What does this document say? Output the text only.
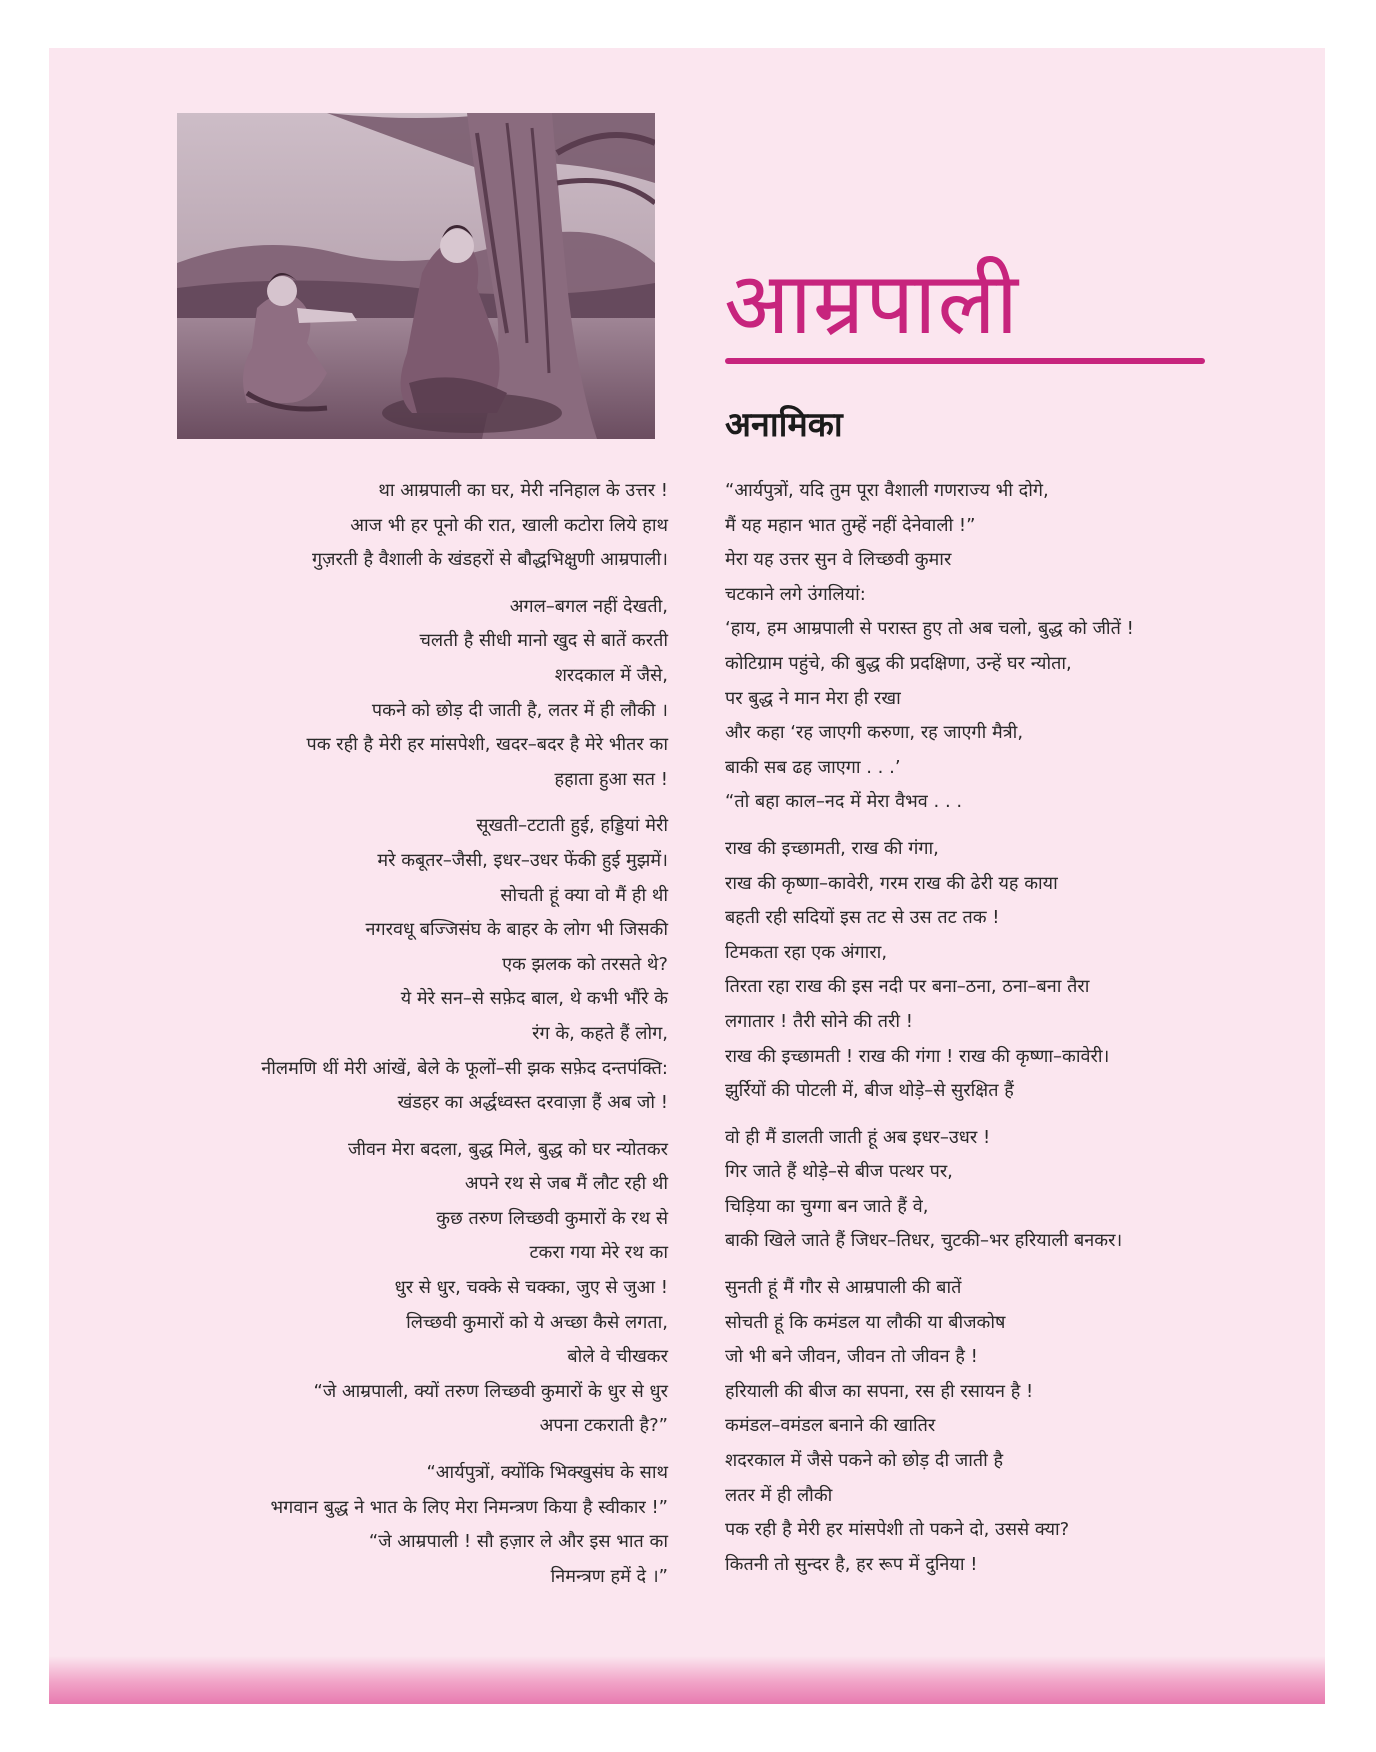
आम्रपाली
अनामिका

था आम्रपाली का घर, मेरी ननिहाल के उत्तर !
आज भी हर पूनो की रात, खाली कटोरा लिये हाथ
गुज़रती है वैशाली के खंडहरों से बौद्धभिक्षुणी आम्रपाली।

अगल–बगल नहीं देखती,
चलती है सीधी मानो खुद से बातें करती
शरदकाल में जैसे,
पकने को छोड़ दी जाती है, लतर में ही लौकी ।
पक रही है मेरी हर मांसपेशी, खदर–बदर है मेरे भीतर का
हहाता हुआ सत !

सूखती–टटाती हुई, हड्डियां मेरी
मरे कबूतर–जैसी, इधर–उधर फेंकी हुई मुझमें।
सोचती हूं क्या वो मैं ही थी
नगरवधू बज्जिसंघ के बाहर के लोग भी जिसकी
एक झलक को तरसते थे?
ये मेरे सन–से सफ़ेद बाल, थे कभी भौंरे के
रंग के, कहते हैं लोग,
नीलमणि थीं मेरी आंखें, बेले के फूलों–सी झक सफ़ेद दन्तपंक्ति:
खंडहर का अर्द्धध्वस्त दरवाज़ा हैं अब जो !

जीवन मेरा बदला, बुद्ध मिले, बुद्ध को घर न्योतकर
अपने रथ से जब मैं लौट रही थी
कुछ तरुण लिच्छवी कुमारों के रथ से
टकरा गया मेरे रथ का
धुर से धुर, चक्के से चक्का, जुए से जुआ !
लिच्छवी कुमारों को ये अच्छा कैसे लगता,
बोले वे चीखकर
“जे आम्रपाली, क्यों तरुण लिच्छवी कुमारों के धुर से धुर
अपना टकराती है?”

“आर्यपुत्रों, क्योंकि भिक्खुसंघ के साथ
भगवान बुद्ध ने भात के लिए मेरा निमन्त्रण किया है स्वीकार !”
“जे आम्रपाली ! सौ हज़ार ले और इस भात का
निमन्त्रण हमें दे ।”

“आर्यपुत्रों, यदि तुम पूरा वैशाली गणराज्य भी दोगे,
मैं यह महान भात तुम्हें नहीं देनेवाली !”
मेरा यह उत्तर सुन वे लिच्छवी कुमार
चटकाने लगे उंगलियां:
‘हाय, हम आम्रपाली से परास्त हुए तो अब चलो, बुद्ध को जीतें !
कोटिग्राम पहुंचे, की बुद्ध की प्रदक्षिणा, उन्हें घर न्योता,
पर बुद्ध ने मान मेरा ही रखा
और कहा ‘रह जाएगी करुणा, रह जाएगी मैत्री,
बाकी सब ढह जाएगा . . .’
“तो बहा काल–नद में मेरा वैभव . . .

राख की इच्छामती, राख की गंगा,
राख की कृष्णा–कावेरी, गरम राख की ढेरी यह काया
बहती रही सदियों इस तट से उस तट तक !
टिमकता रहा एक अंगारा,
तिरता रहा राख की इस नदी पर बना–ठना, ठना–बना तैरा
लगातार ! तैरी सोने की तरी !
राख की इच्छामती ! राख की गंगा ! राख की कृष्णा–कावेरी।
झुर्रियों की पोटली में, बीज थोड़े–से सुरक्षित हैं

वो ही मैं डालती जाती हूं अब इधर–उधर !
गिर जाते हैं थोड़े–से बीज पत्थर पर,
चिड़िया का चुग्गा बन जाते हैं वे,
बाकी खिले जाते हैं जिधर–तिधर, चुटकी–भर हरियाली बनकर।

सुनती हूं मैं गौर से आम्रपाली की बातें
सोचती हूं कि कमंडल या लौकी या बीजकोष
जो भी बने जीवन, जीवन तो जीवन है !
हरियाली की बीज का सपना, रस ही रसायन है !
कमंडल–वमंडल बनाने की खातिर
शदरकाल में जैसे पकने को छोड़ दी जाती है
लतर में ही लौकी
पक रही है मेरी हर मांसपेशी तो पकने दो, उससे क्या?
कितनी तो सुन्दर है, हर रूप में दुनिया !
